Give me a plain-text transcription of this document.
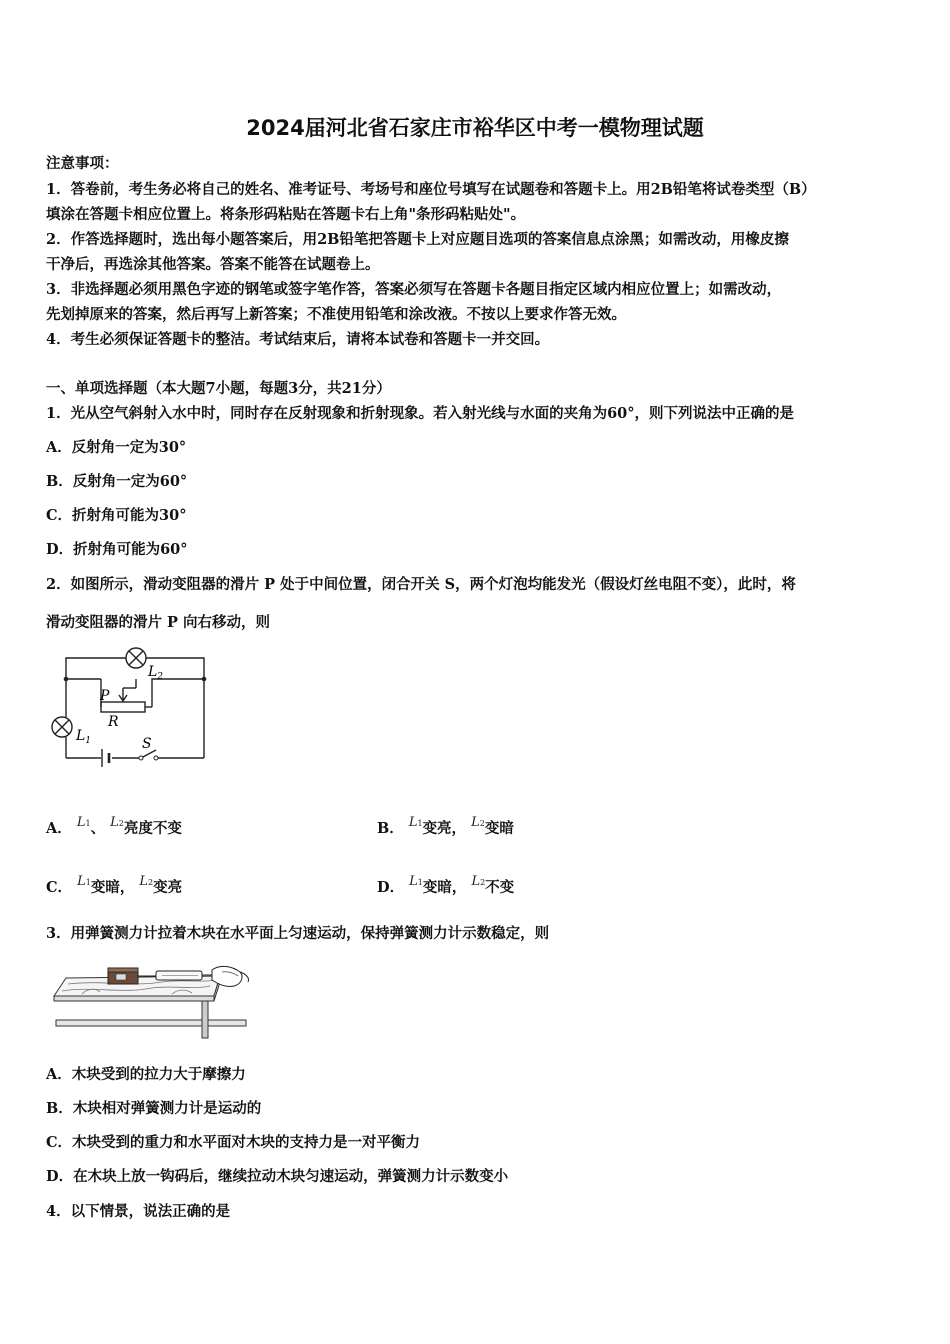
2024届河北省石家庄市裕华区中考一模物理试题
注意事项：
1．答卷前，考生务必将自己的姓名、准考证号、考场号和座位号填写在试题卷和答题卡上。用2B铅笔将试卷类型（B）
填涂在答题卡相应位置上。将条形码粘贴在答题卡右上角"条形码粘贴处"。
2．作答选择题时，选出每小题答案后，用2B铅笔把答题卡上对应题目选项的答案信息点涂黑；如需改动，用橡皮擦
干净后，再选涂其他答案。答案不能答在试题卷上。
3．非选择题必须用黑色字迹的钢笔或签字笔作答，答案必须写在答题卡各题目指定区域内相应位置上；如需改动，
先划掉原来的答案，然后再写上新答案；不准使用铅笔和涂改液。不按以上要求作答无效。
4．考生必须保证答题卡的整洁。考试结束后，请将本试卷和答题卡一并交回。
一、单项选择题（本大题7小题，每题3分，共21分）
1．光从空气斜射入水中时，同时存在反射现象和折射现象。若入射光线与水面的夹角为60°，则下列说法中正确的是
A．反射角一定为30°
B．反射角一定为60°
C．折射角可能为30°
D．折射角可能为60°
2．如图所示，滑动变阻器的滑片 P 处于中间位置，闭合开关 S，两个灯泡均能发光（假设灯丝电阻不变），此时，将
滑动变阻器的滑片 P 向右移动，则
$L_2$
P
R
$L_1$	S
A． L1、 L2亮度不变	B． L1变亮， L2变暗
C． L1变暗， L2变亮	D． L1变暗， L2不变
3．用弹簧测力计拉着木块在水平面上匀速运动，保持弹簧测力计示数稳定，则
A．木块受到的拉力大于摩擦力
B．木块相对弹簧测力计是运动的
C．木块受到的重力和水平面对木块的支持力是一对平衡力
D．在木块上放一钩码后，继续拉动木块匀速运动，弹簧测力计示数变小
4．以下情景，说法正确的是
